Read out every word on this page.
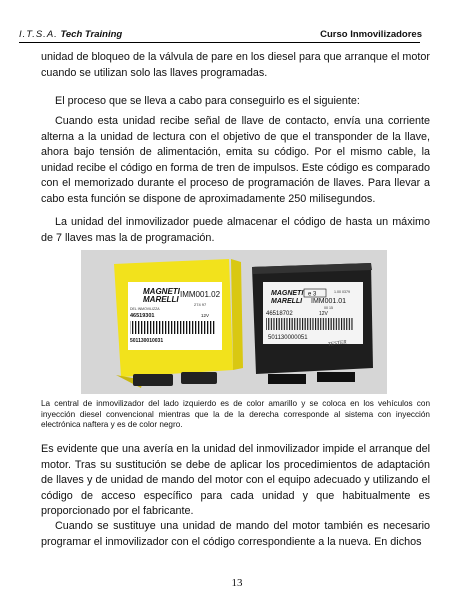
I.T.S.A. Tech Training	Curso Inmovilizadores

unidad de bloqueo de la válvula de pare en los diesel para que arranque el motor cuando se utilizan solo las llaves programadas.

El proceso que se lleva a cabo para conseguirlo es el siguiente:

Cuando esta unidad recibe señal de llave de contacto, envía una corriente alterna a la unidad de lectura con el objetivo de que el transponder de la llave, ahora bajo tensión de alimentación, emita su código. Por el mismo cable, la unidad recibe el código en forma de tren de impulsos. Este código es comparado con el memorizado durante el proceso de programación de llaves. Para llevar a cabo esta función se dispone de aproximadamente 250 milisegundos.

La unidad del inmovilizador puede almacenar el código de hasta un máximo de 7 llaves mas la de programación.

MAGNETI
MARELLI
IMM001.02
274 97
DEL INMOVILIZZA
46519301	12V
501130010031
MAGNETI
MARELLI
e 3	1.00 0379
IMM001.01
00 15
46518702	12V
501130000051
TESTER
La central de inmovilizador del lado izquierdo es de color amarillo y se coloca en los vehículos con inyección diesel convencional mientras que la de la derecha corresponde al sistema con inyección electrónica naftera y es de color negro.

Es evidente que una avería en la unidad del inmovilizador impide el arranque del motor. Tras su sustitución se debe de aplicar los procedimientos de adaptación de llaves y de unidad de mando del motor con el equipo adecuado y utilizando el código de acceso específico para cada unidad y que habitualmente es proporcionado por el fabricante.

Cuando se sustituye una unidad de mando del motor también es necesario programar el inmovilizador con el código correspondiente a la nueva. En dichos

13
